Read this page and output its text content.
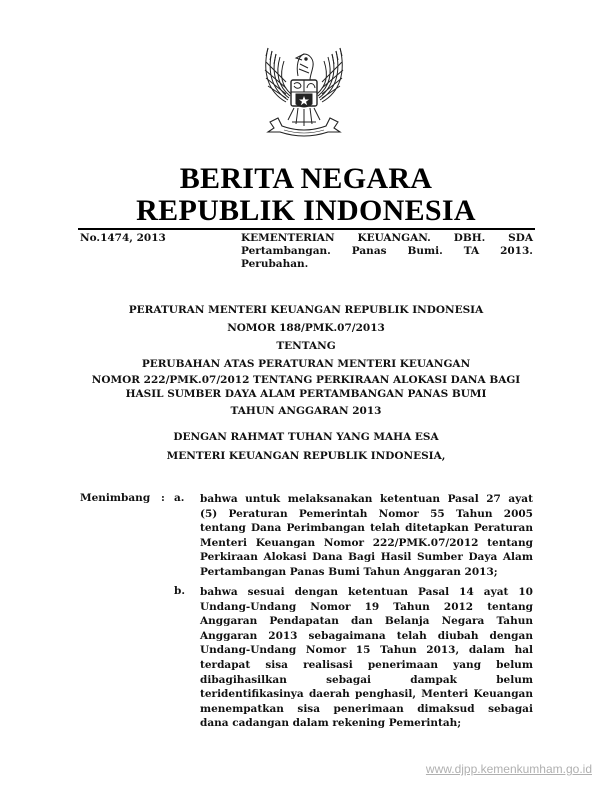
BERITA NEGARA
REPUBLIK INDONESIA
No.1474, 2013	KEMENTERIAN KEUANGAN. DBH. SDA
Pertambangan. Panas Bumi. TA 2013.
Perubahan.
PERATURAN MENTERI KEUANGAN REPUBLIK INDONESIA
NOMOR 188/PMK.07/2013
TENTANG
PERUBAHAN ATAS PERATURAN MENTERI KEUANGAN
NOMOR 222/PMK.07/2012 TENTANG PERKIRAAN ALOKASI DANA BAGI
HASIL SUMBER DAYA ALAM PERTAMBANGAN PANAS BUMI
TAHUN ANGGARAN 2013
DENGAN RAHMAT TUHAN YANG MAHA ESA
MENTERI KEUANGAN REPUBLIK INDONESIA,
Menimbang : a. bahwa untuk melaksanakan ketentuan Pasal 27 ayat
(5) Peraturan Pemerintah Nomor 55 Tahun 2005
tentang Dana Perimbangan telah ditetapkan Peraturan
Menteri Keuangan Nomor 222/PMK.07/2012 tentang
Perkiraan Alokasi Dana Bagi Hasil Sumber Daya Alam
Pertambangan Panas Bumi Tahun Anggaran 2013;
b. bahwa sesuai dengan ketentuan Pasal 14 ayat 10
Undang-Undang Nomor 19 Tahun 2012 tentang
Anggaran Pendapatan dan Belanja Negara Tahun
Anggaran 2013 sebagaimana telah diubah dengan
Undang-Undang Nomor 15 Tahun 2013, dalam hal
terdapat sisa realisasi penerimaan yang belum
dibagihasilkan	sebagai	dampak	belum
teridentifikasinya daerah penghasil, Menteri Keuangan
menempatkan sisa penerimaan dimaksud sebagai
dana cadangan dalam rekening Pemerintah;
www.djpp.kemenkumham.go.id
